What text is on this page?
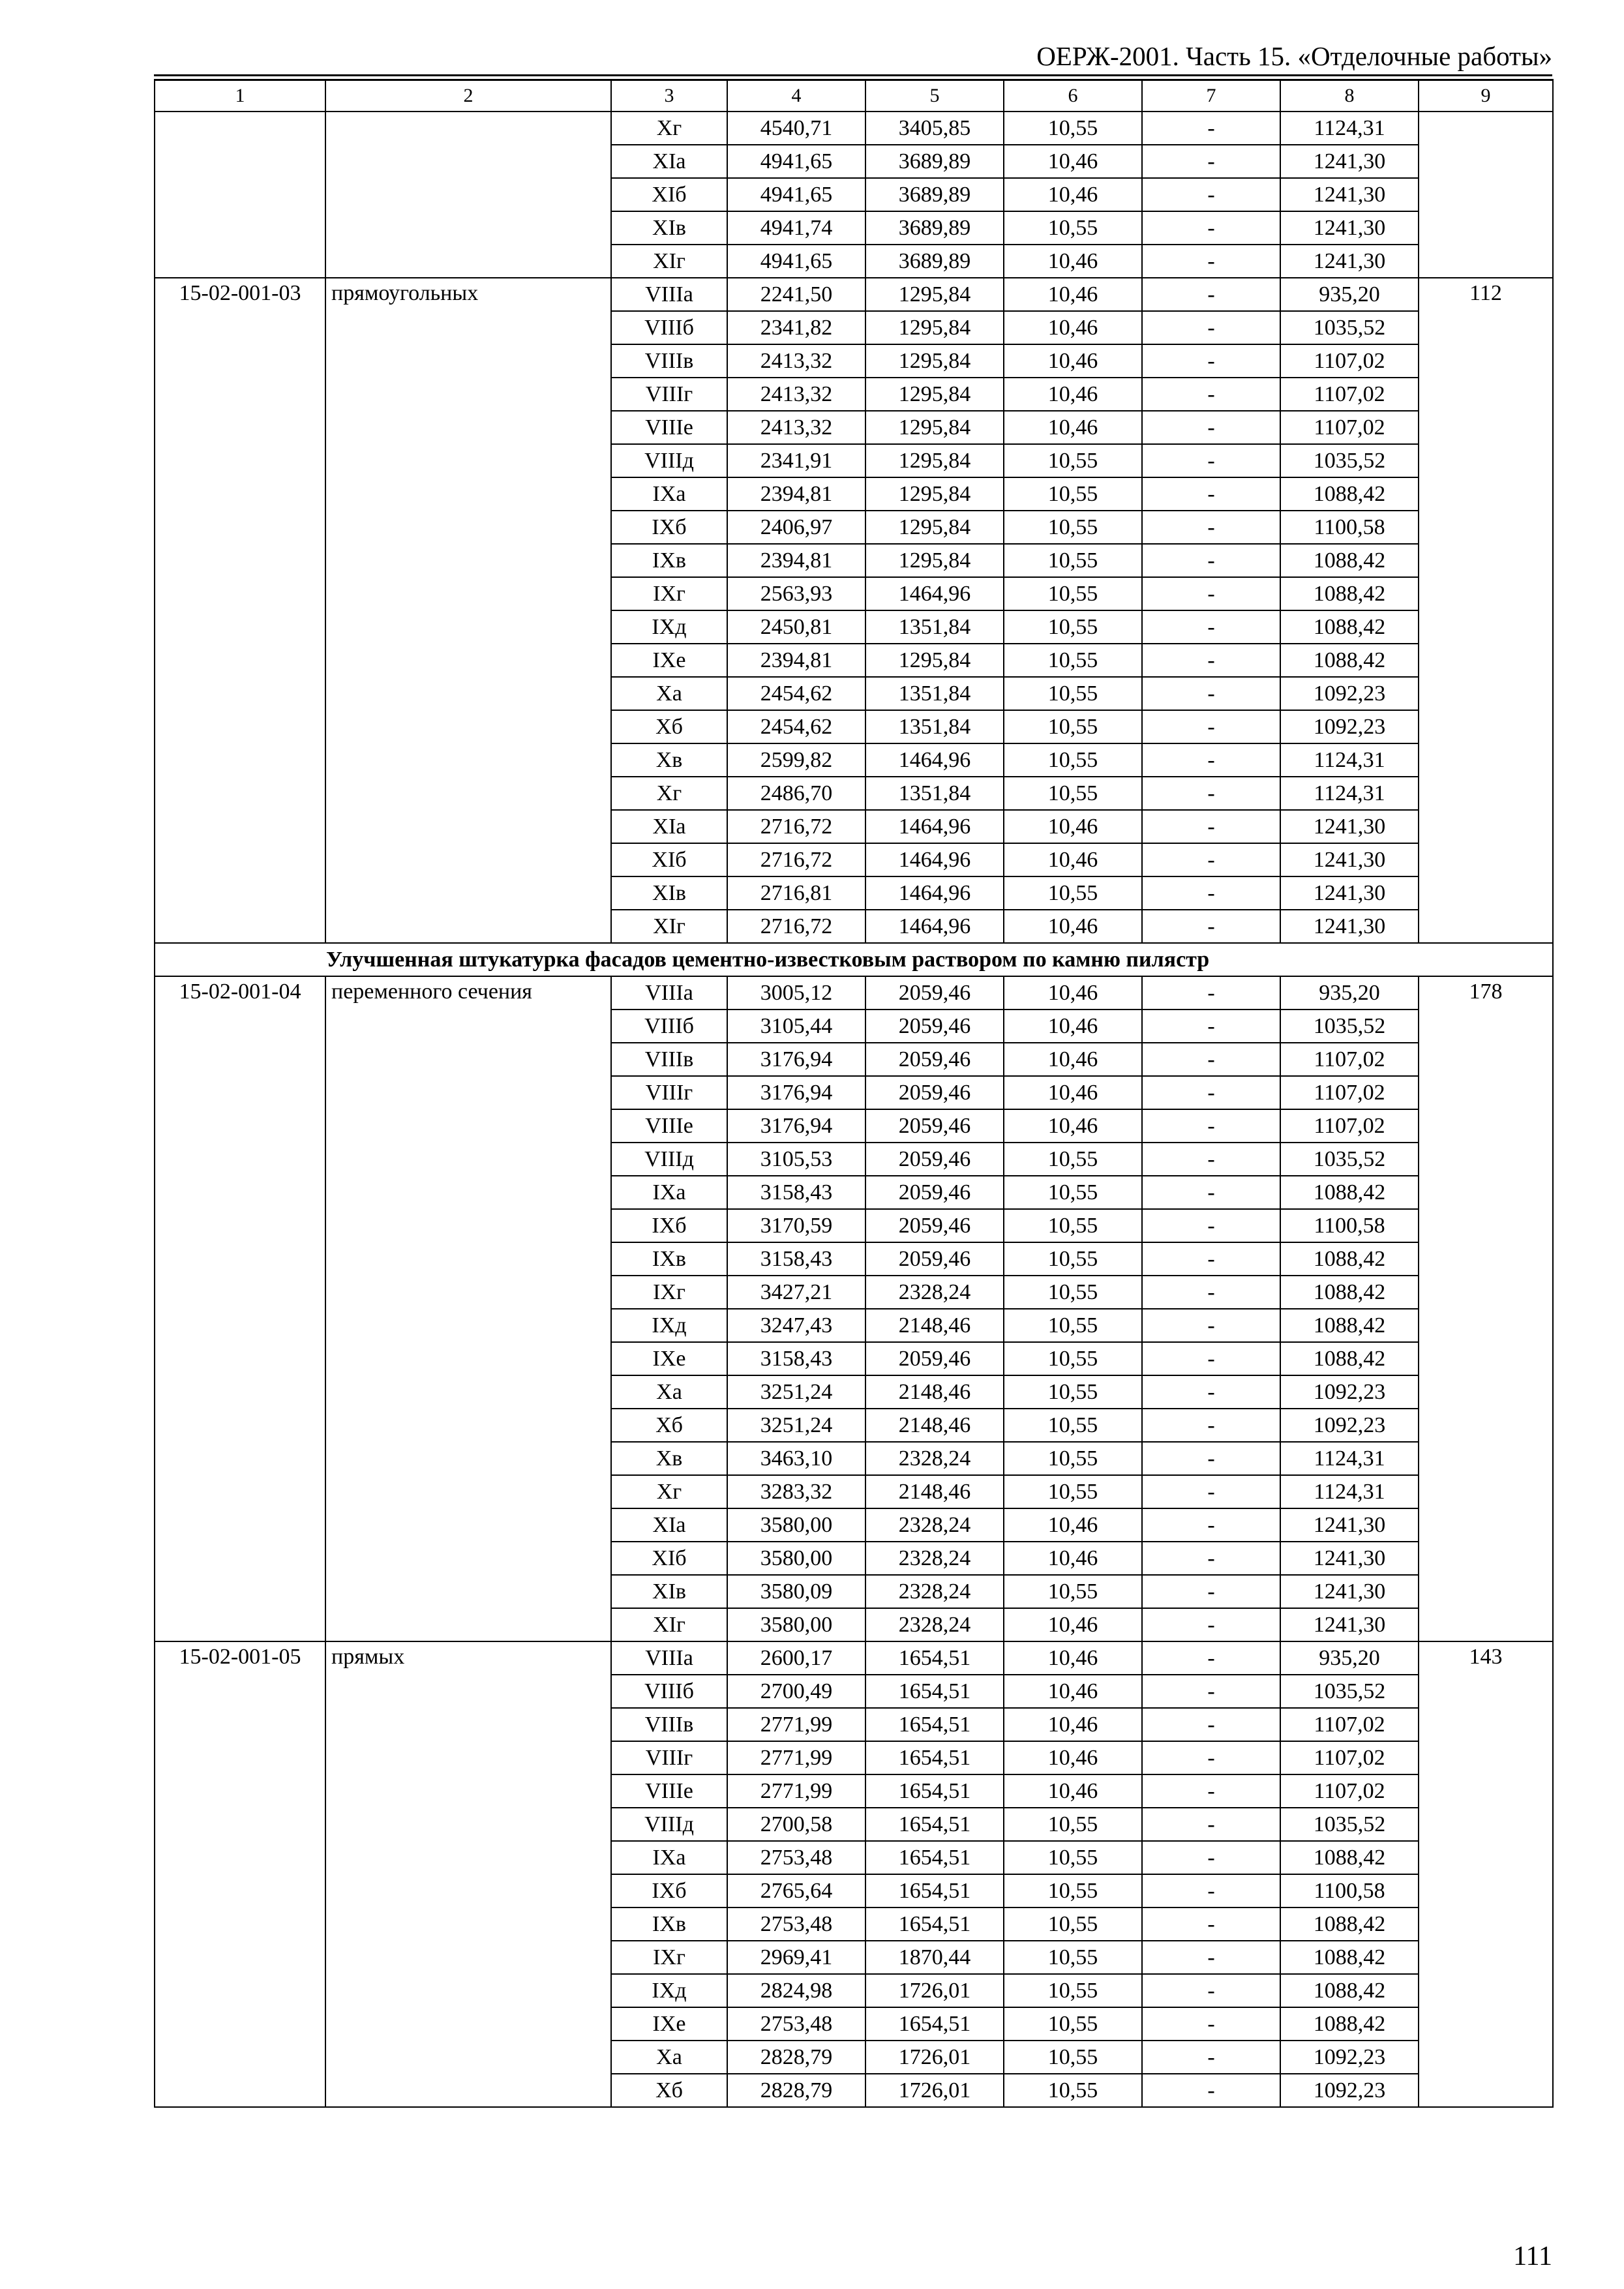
ОЕРЖ-2001. Часть 15. «Отделочные работы»
1	2	3	4	5	6	7	8	9
		Xг	4540,71	3405,85	10,55	-	1124,31	
		XIа	4941,65	3689,89	10,46	-	1241,30	
		XIб	4941,65	3689,89	10,46	-	1241,30	
		XIв	4941,74	3689,89	10,55	-	1241,30	
		XIг	4941,65	3689,89	10,46	-	1241,30	
15-02-001-03	прямоугольных	VIIIа	2241,50	1295,84	10,46	-	935,20	112
		VIIIб	2341,82	1295,84	10,46	-	1035,52	
		VIIIв	2413,32	1295,84	10,46	-	1107,02	
		VIIIг	2413,32	1295,84	10,46	-	1107,02	
		VIIIе	2413,32	1295,84	10,46	-	1107,02	
		VIIIд	2341,91	1295,84	10,55	-	1035,52	
		IXа	2394,81	1295,84	10,55	-	1088,42	
		IXб	2406,97	1295,84	10,55	-	1100,58	
		IXв	2394,81	1295,84	10,55	-	1088,42	
		IXг	2563,93	1464,96	10,55	-	1088,42	
		IXд	2450,81	1351,84	10,55	-	1088,42	
		IXе	2394,81	1295,84	10,55	-	1088,42	
		Xа	2454,62	1351,84	10,55	-	1092,23	
		Xб	2454,62	1351,84	10,55	-	1092,23	
		Xв	2599,82	1464,96	10,55	-	1124,31	
		Xг	2486,70	1351,84	10,55	-	1124,31	
		XIа	2716,72	1464,96	10,46	-	1241,30	
		XIб	2716,72	1464,96	10,46	-	1241,30	
		XIв	2716,81	1464,96	10,55	-	1241,30	
		XIг	2716,72	1464,96	10,46	-	1241,30	
Улучшенная штукатурка фасадов цементно-известковым раствором по камню пилястр								
15-02-001-04	переменного сечения	VIIIа	3005,12	2059,46	10,46	-	935,20	178
		VIIIб	3105,44	2059,46	10,46	-	1035,52	
		VIIIв	3176,94	2059,46	10,46	-	1107,02	
		VIIIг	3176,94	2059,46	10,46	-	1107,02	
		VIIIе	3176,94	2059,46	10,46	-	1107,02	
		VIIIд	3105,53	2059,46	10,55	-	1035,52	
		IXа	3158,43	2059,46	10,55	-	1088,42	
		IXб	3170,59	2059,46	10,55	-	1100,58	
		IXв	3158,43	2059,46	10,55	-	1088,42	
		IXг	3427,21	2328,24	10,55	-	1088,42	
		IXд	3247,43	2148,46	10,55	-	1088,42	
		IXе	3158,43	2059,46	10,55	-	1088,42	
		Xа	3251,24	2148,46	10,55	-	1092,23	
		Xб	3251,24	2148,46	10,55	-	1092,23	
		Xв	3463,10	2328,24	10,55	-	1124,31	
		Xг	3283,32	2148,46	10,55	-	1124,31	
		XIа	3580,00	2328,24	10,46	-	1241,30	
		XIб	3580,00	2328,24	10,46	-	1241,30	
		XIв	3580,09	2328,24	10,55	-	1241,30	
		XIг	3580,00	2328,24	10,46	-	1241,30	
15-02-001-05	прямых	VIIIа	2600,17	1654,51	10,46	-	935,20	143
		VIIIб	2700,49	1654,51	10,46	-	1035,52	
		VIIIв	2771,99	1654,51	10,46	-	1107,02	
		VIIIг	2771,99	1654,51	10,46	-	1107,02	
		VIIIе	2771,99	1654,51	10,46	-	1107,02	
		VIIIд	2700,58	1654,51	10,55	-	1035,52	
		IXа	2753,48	1654,51	10,55	-	1088,42	
		IXб	2765,64	1654,51	10,55	-	1100,58	
		IXв	2753,48	1654,51	10,55	-	1088,42	
		IXг	2969,41	1870,44	10,55	-	1088,42	
		IXд	2824,98	1726,01	10,55	-	1088,42	
		IXе	2753,48	1654,51	10,55	-	1088,42	
		Xа	2828,79	1726,01	10,55	-	1092,23	
		Xб	2828,79	1726,01	10,55	-	1092,23	
111
